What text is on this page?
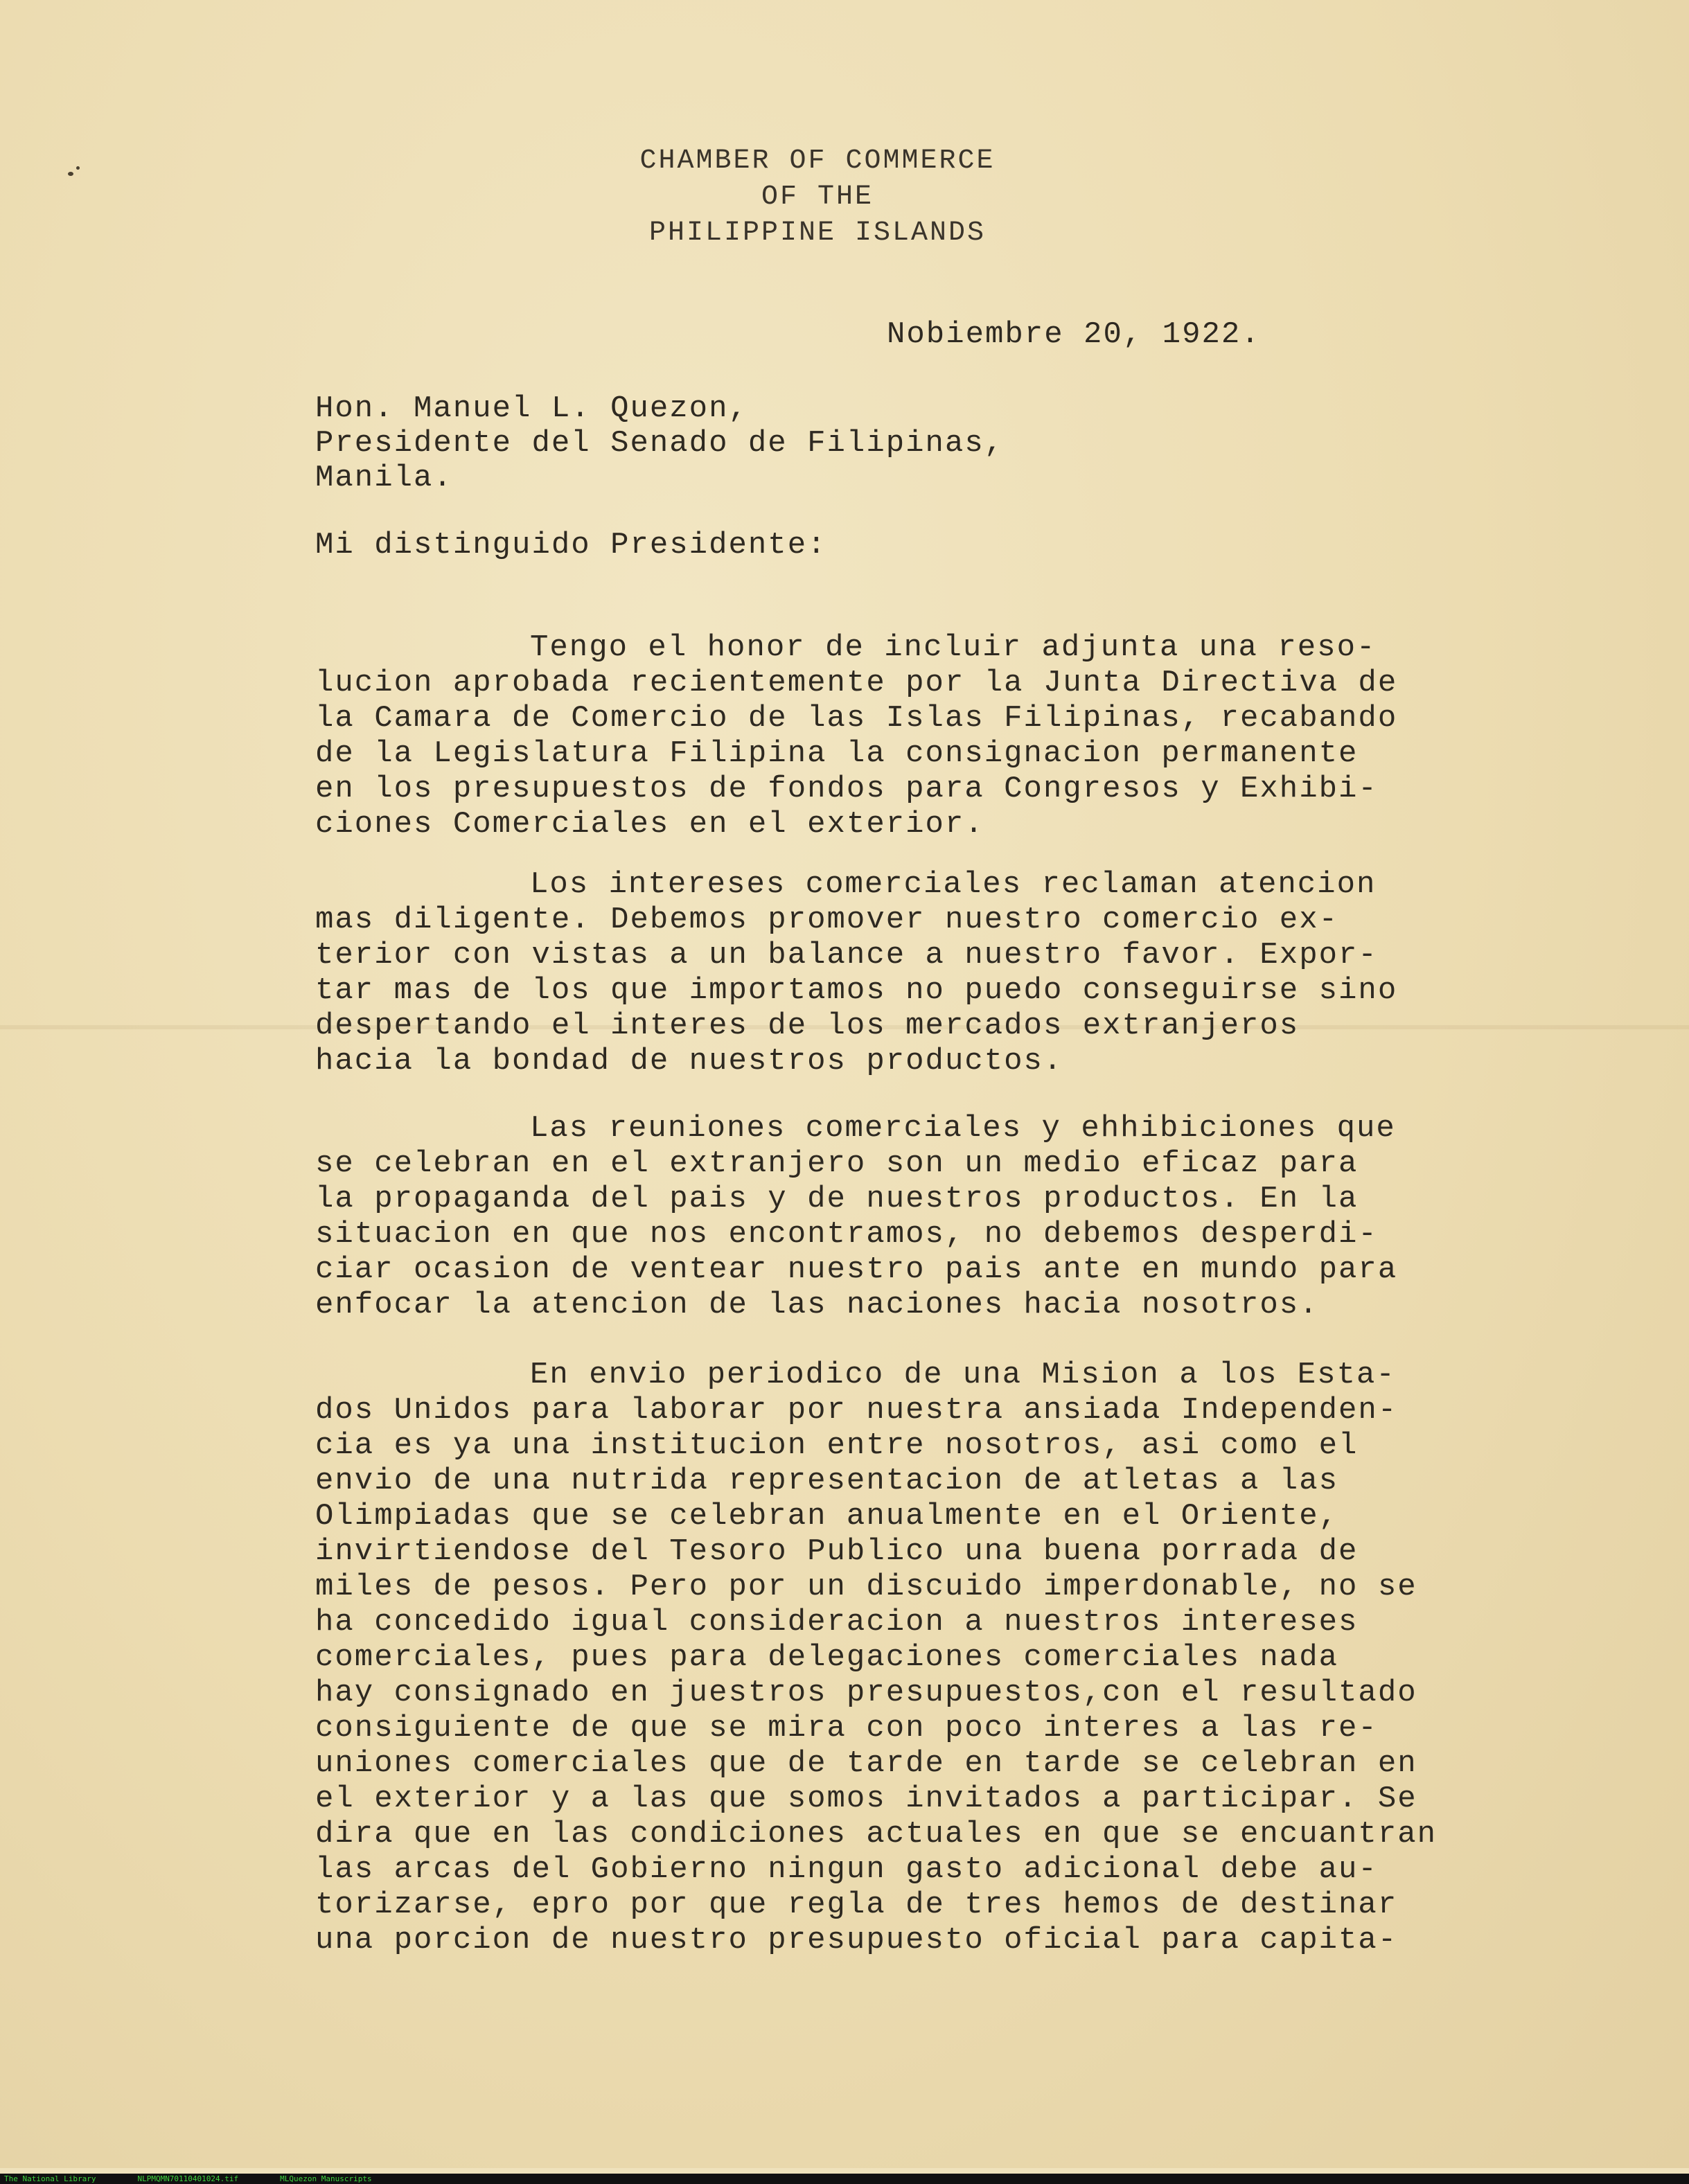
CHAMBER OF COMMERCE
OF THE
PHILIPPINE ISLANDS
Nobiembre 20, 1922.
Hon. Manuel L. Quezon,
Presidente del Senado de Filipinas,
Manila.
Mi distinguido Presidente:
Tengo el honor de incluir adjunta una reso-
lucion aprobada recientemente por la Junta Directiva de
la Camara de Comercio de las Islas Filipinas, recabando
de la Legislatura Filipina la consignacion permanente
en los presupuestos de fondos para Congresos y Exhibi-
ciones Comerciales en el exterior.
Los intereses comerciales reclaman atencion
mas diligente. Debemos promover nuestro comercio ex-
terior con vistas a un balance a nuestro favor. Expor-
tar mas de los que importamos no puedo conseguirse sino
despertando el interes de los mercados extranjeros
hacia la bondad de nuestros productos.
Las reuniones comerciales y ehhibiciones que
se celebran en el extranjero son un medio eficaz para
la propaganda del pais y de nuestros productos. En la
situacion en que nos encontramos, no debemos desperdi-
ciar ocasion de ventear nuestro pais ante en mundo para
enfocar la atencion de las naciones hacia nosotros.
En envio periodico de una Mision a los Esta-
dos Unidos para laborar por nuestra ansiada Independen-
cia es ya una institucion entre nosotros, asi como el
envio de una nutrida representacion de atletas a las
Olimpiadas que se celebran anualmente en el Oriente,
invirtiendose del Tesoro Publico una buena porrada de
miles de pesos. Pero por un discuido imperdonable, no se
ha concedido igual consideracion a nuestros intereses
comerciales, pues para delegaciones comerciales nada
hay consignado en juestros presupuestos,con el resultado
consiguiente de que se mira con poco interes a las re-
uniones comerciales que de tarde en tarde se celebran en
el exterior y a las que somos invitados a participar. Se
dira que en las condiciones actuales en que se encuantran
las arcas del Gobierno ningun gasto adicional debe au-
torizarse, epro por que regla de tres hemos de destinar
una porcion de nuestro presupuesto oficial para capita-
The National Library	NLPMQMN70110401024.tif	MLQuezon Manuscripts
